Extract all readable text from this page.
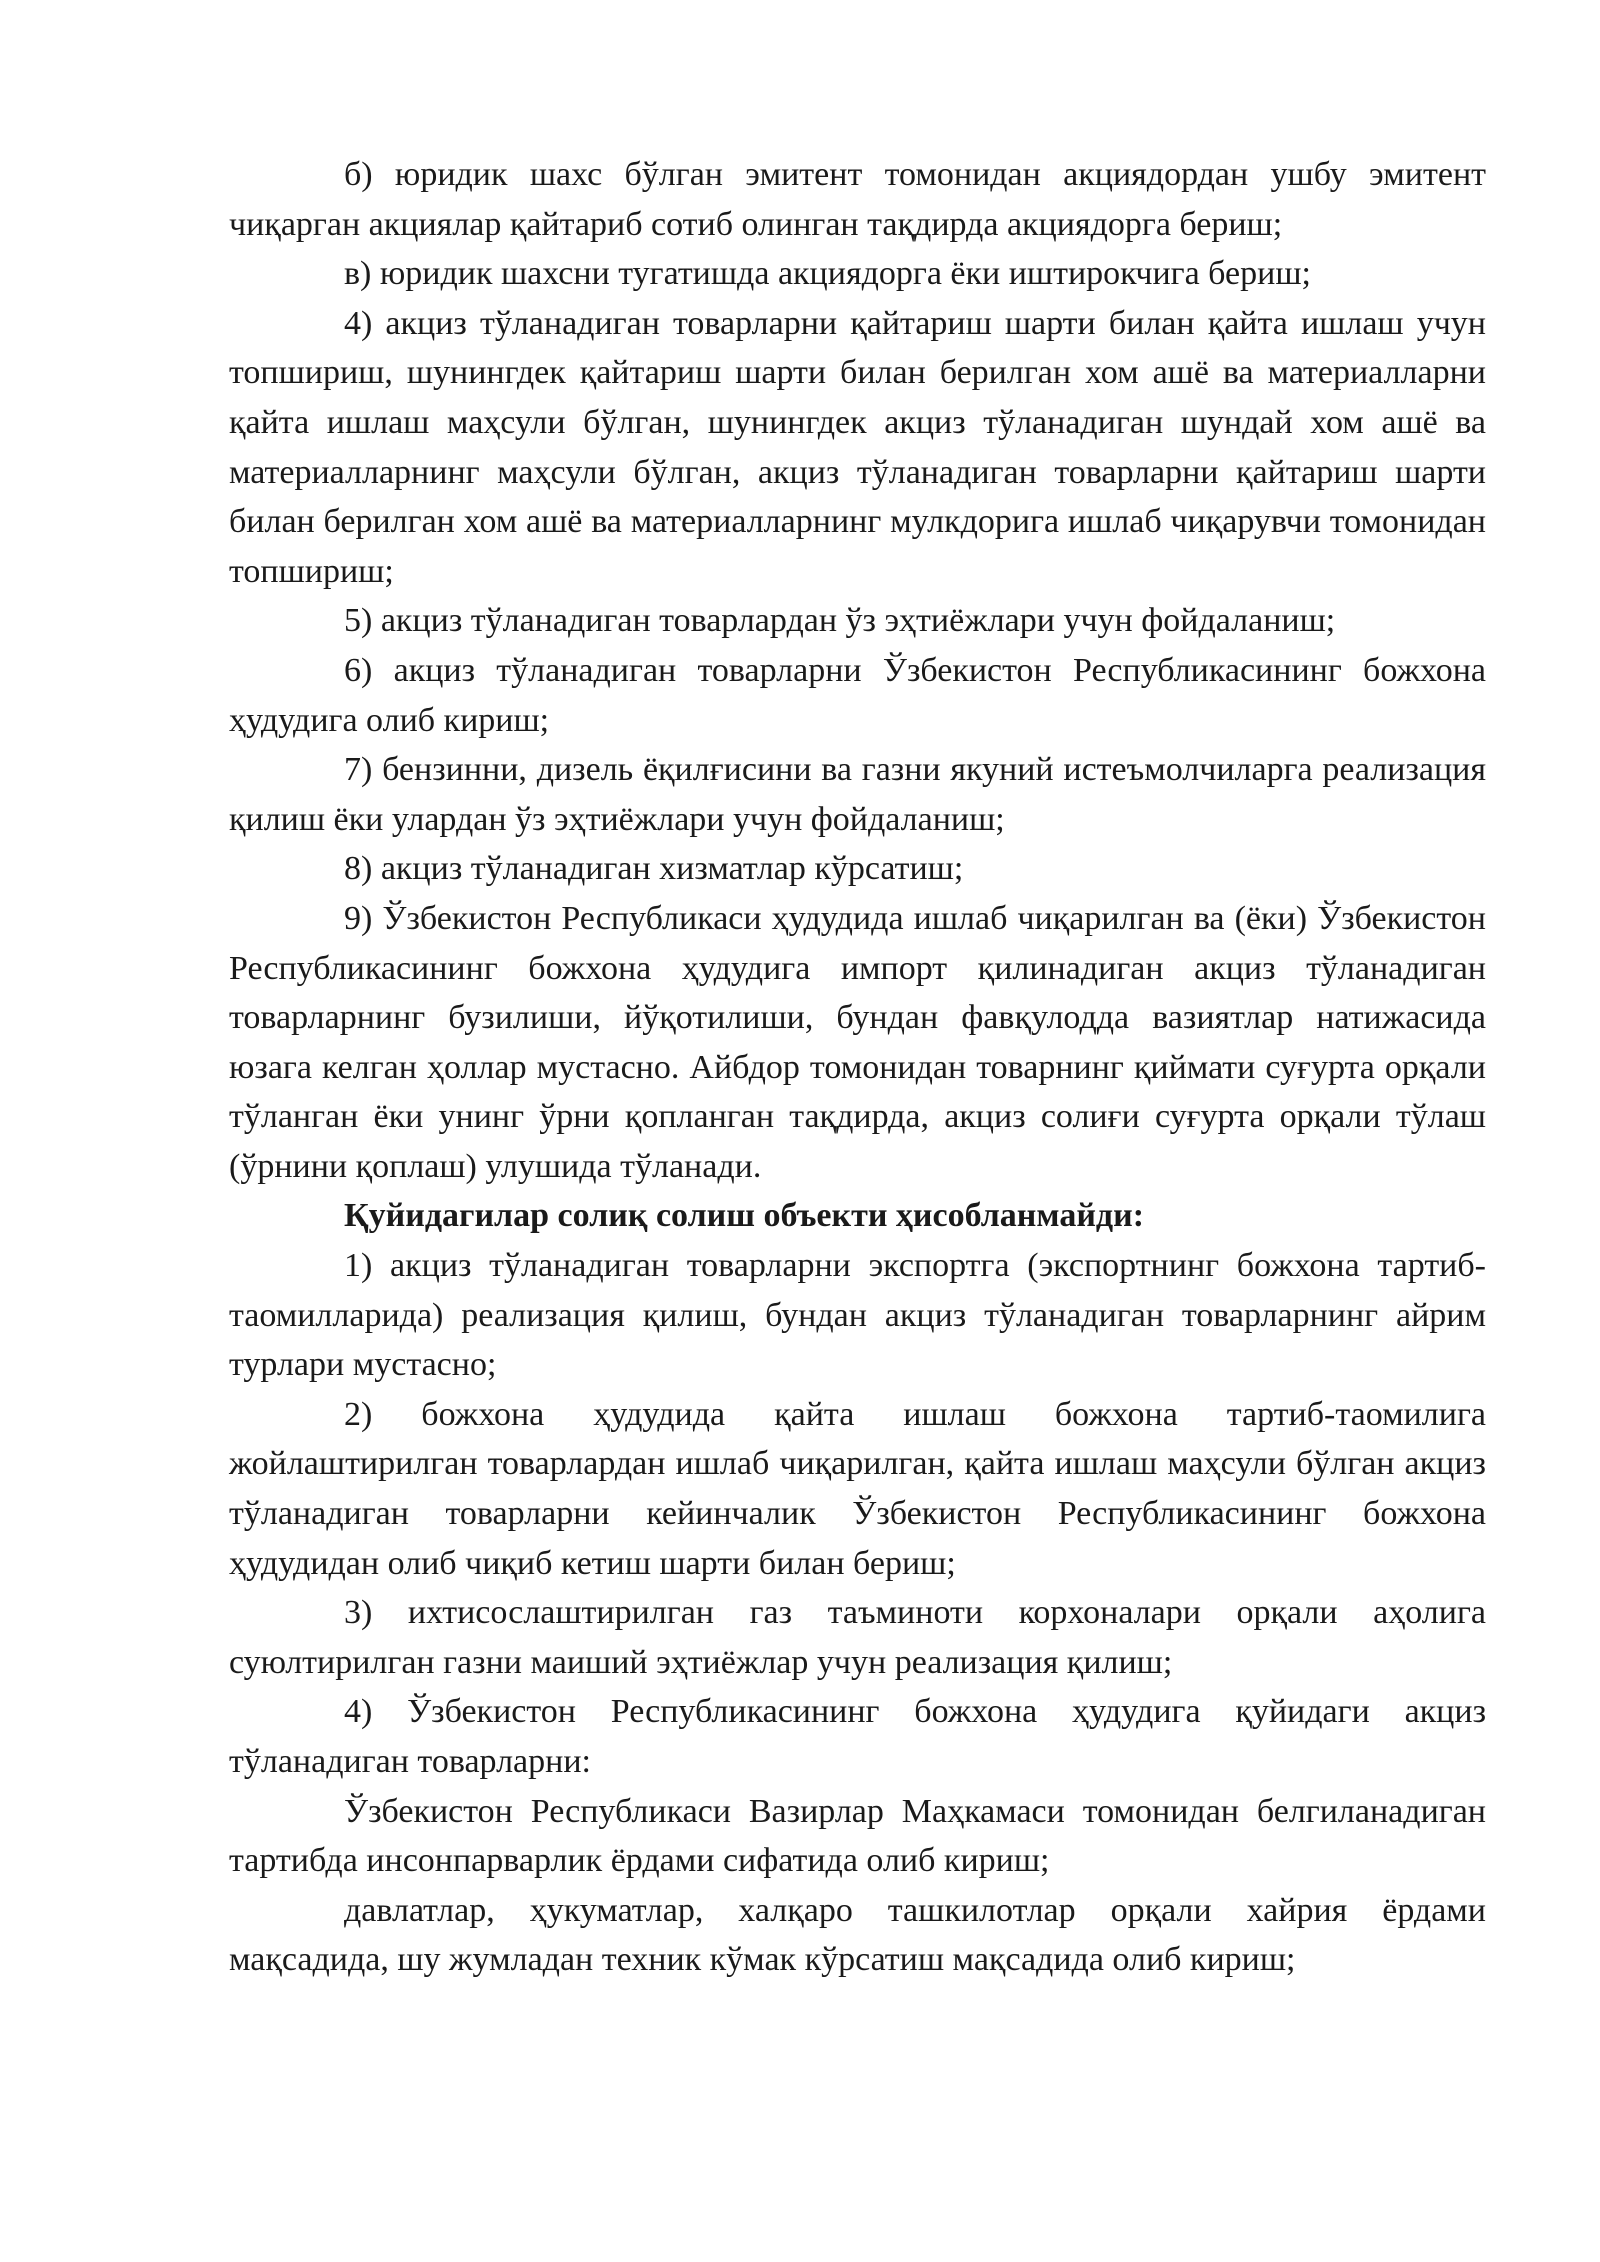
б) юридик шахс бўлган эмитент томонидан акциядордан ушбу эмитент чиқарган акциялар қайтариб сотиб олинган тақдирда акциядорга бериш;

в) юридик шахсни тугатишда акциядорга ёки иштирокчига бериш;

4) акциз тўланадиган товарларни қайтариш шарти билан қайта ишлаш учун топшириш, шунингдек қайтариш шарти билан берилган хом ашё ва материалларни қайта ишлаш маҳсули бўлган, шунингдек акциз тўланадиган шундай хом ашё ва материалларнинг маҳсули бўлган, акциз тўланадиган товарларни қайтариш шарти билан берилган хом ашё ва материалларнинг мулкдорига ишлаб чиқарувчи томонидан топшириш;

5) акциз тўланадиган товарлардан ўз эҳтиёжлари учун фойдаланиш;

6) акциз тўланадиган товарларни Ўзбекистон Республикасининг божхона ҳудудига олиб кириш;

7) бензинни, дизель ёқилғисини ва газни якуний истеъмолчиларга реализация қилиш ёки улардан ўз эҳтиёжлари учун фойдаланиш;

8) акциз тўланадиган хизматлар кўрсатиш;

9) Ўзбекистон Республикаси ҳудудида ишлаб чиқарилган ва (ёки) Ўзбекистон Республикасининг божхона ҳудудига импорт қилинадиган акциз тўланадиган товарларнинг бузилиши, йўқотилиши, бундан фавқулодда вазиятлар натижасида юзага келган ҳоллар мустасно. Айбдор томонидан товарнинг қиймати суғурта орқали тўланган ёки унинг ўрни қопланган тақдирда, акциз солиғи суғурта орқали тўлаш (ўрнини қоплаш) улушида тўланади.

Қуйидагилар солиқ солиш объекти ҳисобланмайди:

1) акциз тўланадиган товарларни экспортга (экспортнинг божхона тартиб-таомилларида) реализация қилиш, бундан акциз тўланадиган товарларнинг айрим турлари мустасно;

2) божхона ҳудудида қайта ишлаш божхона тартиб-таомилига жойлаштирилган товарлардан ишлаб чиқарилган, қайта ишлаш маҳсули бўлган акциз тўланадиган товарларни кейинчалик Ўзбекистон Республикасининг божхона ҳудудидан олиб чиқиб кетиш шарти билан бериш;

3) ихтисослаштирилган газ таъминоти корхоналари орқали аҳолига суюлтирилган газни маиший эҳтиёжлар учун реализация қилиш;

4) Ўзбекистон Республикасининг божхона ҳудудига қуйидаги акциз тўланадиган товарларни:

Ўзбекистон Республикаси Вазирлар Маҳкамаси томонидан белгиланадиган тартибда инсонпарварлик ёрдами сифатида олиб кириш;

давлатлар, ҳукуматлар, халқаро ташкилотлар орқали хайрия ёрдами мақсадида, шу жумладан техник кўмак кўрсатиш мақсадида олиб кириш;
